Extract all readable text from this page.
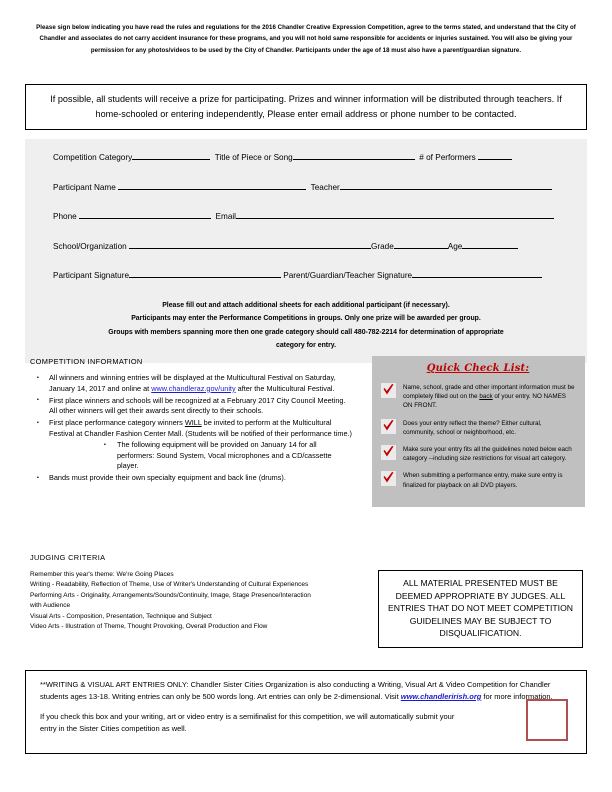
Please sign below indicating you have read the rules and regulations for the 2016 Chandler Creative Expression Competition, agree to the terms stated, and understand that the City of Chandler and associates do not carry accident insurance for these programs, and you will not hold same responsible for accidents or injuries sustained. You will also be giving your permission for any photos/videos to be used by the City of Chandler. Participants under the age of 18 must also have a parent/guardian signature.
If possible, all students will receive a prize for participating. Prizes and winner information will be distributed through teachers. If home-schooled or entering independently, Please enter email address or phone number to be contacted.
Competition Category	Title of Piece or Song	# of Performers
Participant Name	Teacher
Phone	Email
School/Organization	Grade	Age
Participant Signature	Parent/Guardian/Teacher Signature
Please fill out and attach additional sheets for each additional participant (if necessary).
Participants may enter the Performance Competitions in groups. Only one prize will be awarded per group.
Groups with members spanning more then one grade category should call 480-782-2214 for determination of appropriate
category for entry.
COMPETITION INFORMATION
▪ All winners and winning entries will be displayed at the Multicultural Festival on Saturday, January 14, 2017 and online at www.chandleraz.gov/unity after the Multicultural Festival.
▪ First place winners and schools will be recognized at a February 2017 City Council Meeting. All other winners will get their awards sent directly to their schools.
▪ First place performance category winners WILL be invited to perform at the Multicultural Festival at Chandler Fashion Center Mall. (Students will be notified of their performance time.)
▪ The following equipment will be provided on January 14 for all performers: Sound System, Vocal microphones and a CD/cassette player.
▪ Bands must provide their own specialty equipment and back line (drums).
Quick Check List:
Name, school, grade and other important information must be completely filled out on the back of your entry. NO NAMES ON FRONT.
Does your entry reflect the theme? Either cultural, community, school or neighborhood, etc.
Make sure your entry fits all the guidelines noted below each category --including size restrictions for visual art category.
When submitting a performance entry, make sure entry is finalized for playback on all DVD players.
JUDGING CRITERIA
Remember this year's theme: We're Going Places
Writing - Readability, Reflection of Theme, Use of Writer's Understanding of Cultural Experiences
Performing Arts - Originality, Arrangements/Sounds/Continuity, Image, Stage Presence/Interaction
with Audience
Visual Arts - Composition, Presentation, Technique and Subject
Video Arts - Illustration of Theme, Thought Provoking, Overall Production and Flow
ALL MATERIAL PRESENTED MUST BE DEEMED APPROPRIATE BY JUDGES. ALL ENTRIES THAT DO NOT MEET COMPETITION GUIDELINES MAY BE SUBJECT TO DISQUALIFICATION.

**WRITING & VISUAL ART ENTRIES ONLY: Chandler Sister Cities Organization is also conducting a Writing, Visual Art & Video Competition for Chandler students ages 13-18. Writing entries can only be 500 words long. Art entries can only be 2-dimensional. Visit www.chandlerirish.org for more information.

If you check this box and your writing, art or video entry is a semifinalist for this competition, we will automatically submit your entry in the Sister Cities competition as well.
